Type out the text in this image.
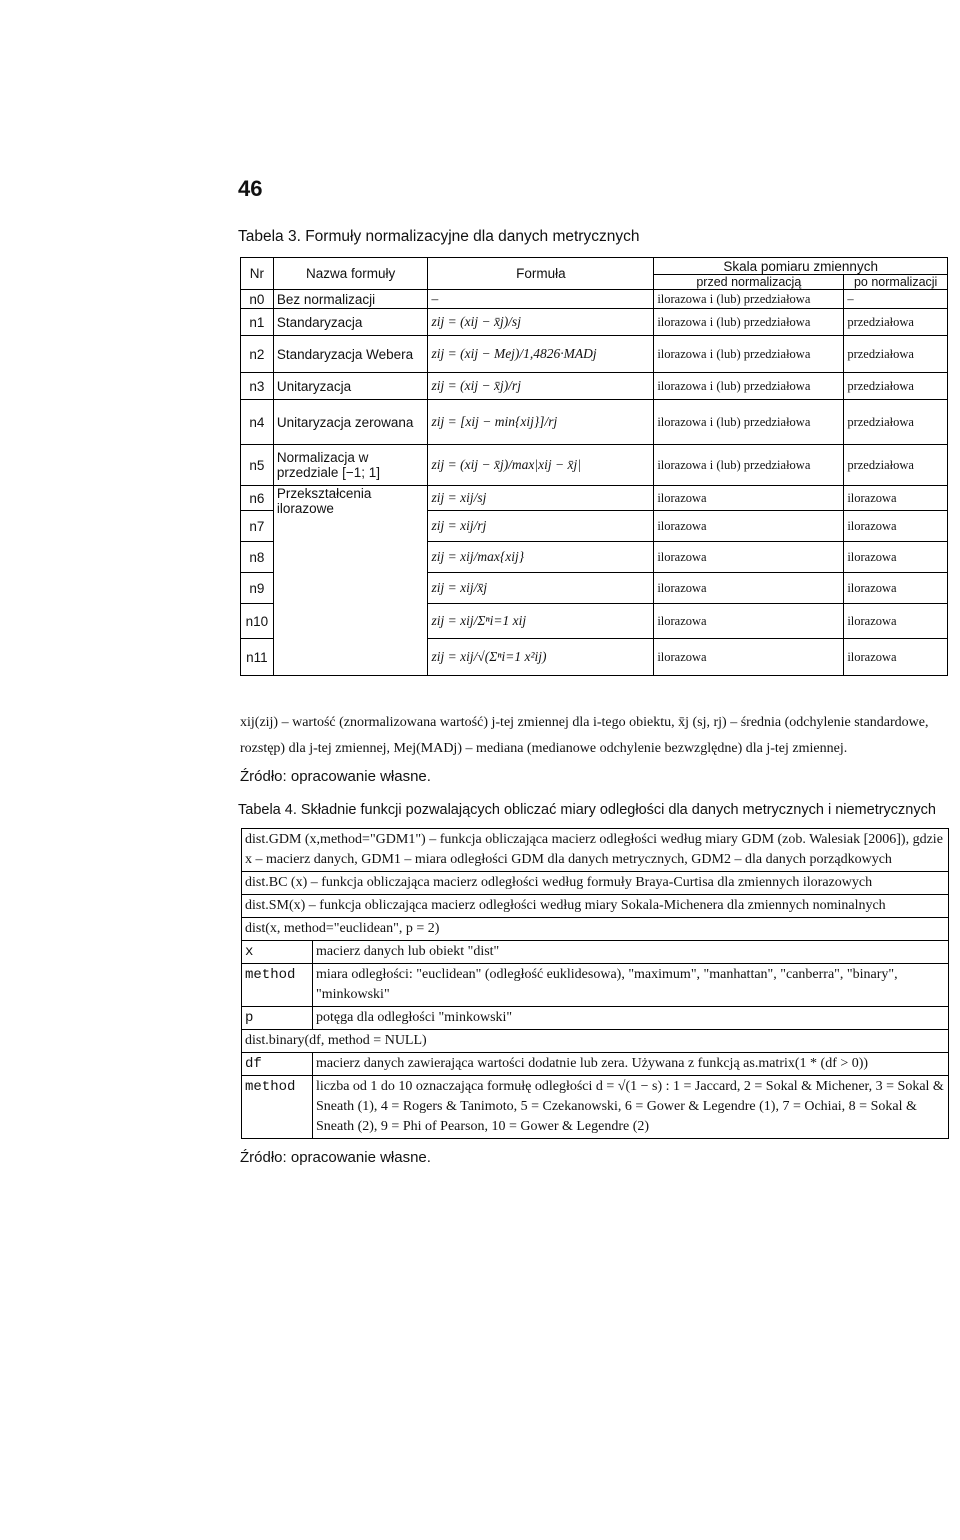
46
Tabela 3. Formuły normalizacyjne dla danych metrycznych
Nr	Nazwa formuły	Formuła	Skala pomiaru zmiennych	
			przed normalizacją	po normalizacji
n0	Bez normalizacji	–	ilorazowa i (lub) przedziałowa	–
n1	Standaryzacja	zij = (xij − x̄j)/sj	ilorazowa i (lub) przedziałowa	przedziałowa
n2	Standaryzacja Webera	zij = (xij − Mej)/1,4826·MADj	ilorazowa i (lub) przedziałowa	przedziałowa
n3	Unitaryzacja	zij = (xij − x̄j)/rj	ilorazowa i (lub) przedziałowa	przedziałowa
n4	Unitaryzacja zerowana	zij = [xij − min{xij}]/rj	ilorazowa i (lub) przedziałowa	przedziałowa
n5	Normalizacja w przedziale [−1; 1]	zij = (xij − x̄j)/max|xij − x̄j|	ilorazowa i (lub) przedziałowa	przedziałowa
n6	Przekształcenia ilorazowe	zij = xij/sj	ilorazowa	ilorazowa
n7		zij = xij/rj	ilorazowa	ilorazowa
n8		zij = xij/max{xij}	ilorazowa	ilorazowa
n9		zij = xij/x̄j	ilorazowa	ilorazowa
n10		zij = xij/Σⁿi=1 xij	ilorazowa	ilorazowa
n11		zij = xij/√(Σⁿi=1 x²ij)	ilorazowa	ilorazowa
xij(zij) – wartość (znormalizowana wartość) j-tej zmiennej dla i-tego obiektu, x̄j (sj, rj) – średnia (odchylenie standardowe, rozstęp) dla j-tej zmiennej, Mej(MADj) – mediana (medianowe odchylenie bezwzględne) dla j-tej zmiennej.
Źródło: opracowanie własne.
Tabela 4. Składnie funkcji pozwalających obliczać miary odległości dla danych metrycznych i niemetrycznych
dist.GDM (x,method="GDM1") – funkcja obliczająca macierz odległości według miary GDM (zob. Walesiak [2006]), gdzie x – macierz danych, GDM1 – miara odległości GDM dla danych metrycznych, GDM2 – dla danych porządkowych	
dist.BC (x) – funkcja obliczająca macierz odległości według formuły Braya-Curtisa dla zmiennych ilorazowych	
dist.SM(x) – funkcja obliczająca macierz odległości według miary Sokala-Michenera dla zmiennych nominalnych	
dist(x, method="euclidean", p = 2)	
x	macierz danych lub obiekt "dist"
method	miara odległości: "euclidean" (odległość euklidesowa), "maximum", "manhattan", "canberra", "binary", "minkowski"
p	potęga dla odległości "minkowski"
dist.binary(df, method = NULL)	
df	macierz danych zawierająca wartości dodatnie lub zera. Używana z funkcją as.matrix(1 * (df > 0))
method	liczba od 1 do 10 oznaczająca formułę odległości d = √(1 − s) : 1 = Jaccard, 2 = Sokal & Michener, 3 = Sokal & Sneath (1), 4 = Rogers & Tanimoto, 5 = Czekanowski, 6 = Gower & Legendre (1), 7 = Ochiai, 8 = Sokal & Sneath (2), 9 = Phi of Pearson, 10 = Gower & Legendre (2)
Źródło: opracowanie własne.
